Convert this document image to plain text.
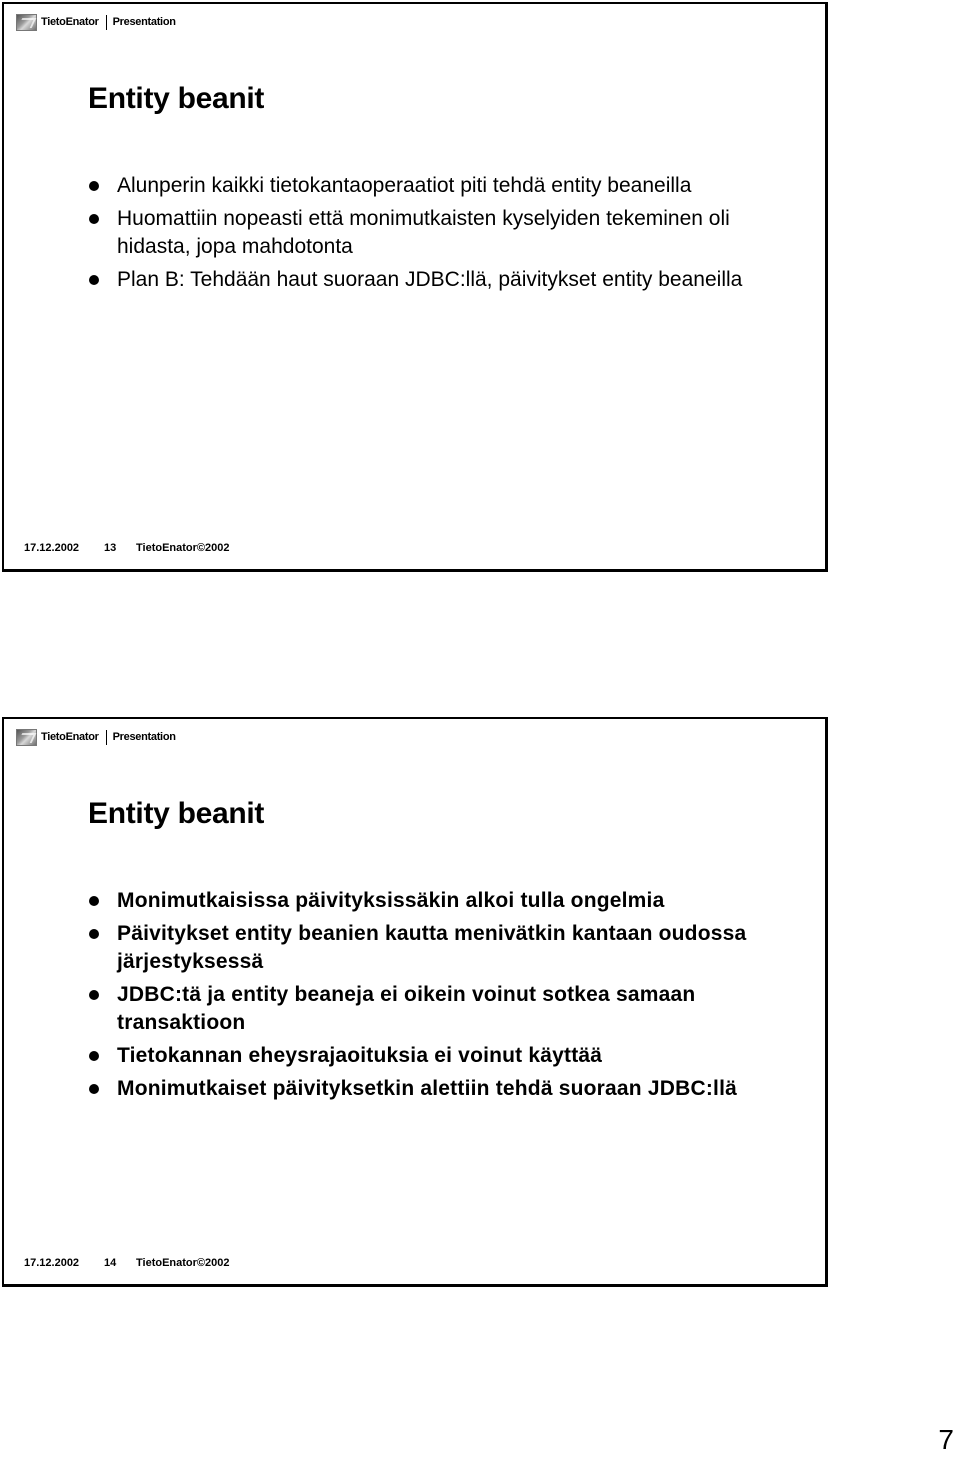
TietoEnator Presentation
Entity beanit
Alunperin kaikki tietokantaoperaatiot piti tehdä entity beaneilla
Huomattiin nopeasti että monimutkaisten kyselyiden tekeminen oli hidasta, jopa mahdotonta
Plan B: Tehdään haut suoraan JDBC:llä, päivitykset entity beaneilla
17.12.2002	13	TietoEnator©2002
TietoEnator Presentation
Entity beanit
Monimutkaisissa päivityksissäkin alkoi tulla ongelmia
Päivitykset entity beanien kautta menivätkin kantaan oudossa järjestyksessä
JDBC:tä ja entity beaneja ei oikein voinut sotkea samaan transaktioon
Tietokannan eheysrajaoituksia ei voinut käyttää
Monimutkaiset päivityksetkin alettiin tehdä suoraan JDBC:llä
17.12.2002	14	TietoEnator©2002
7
